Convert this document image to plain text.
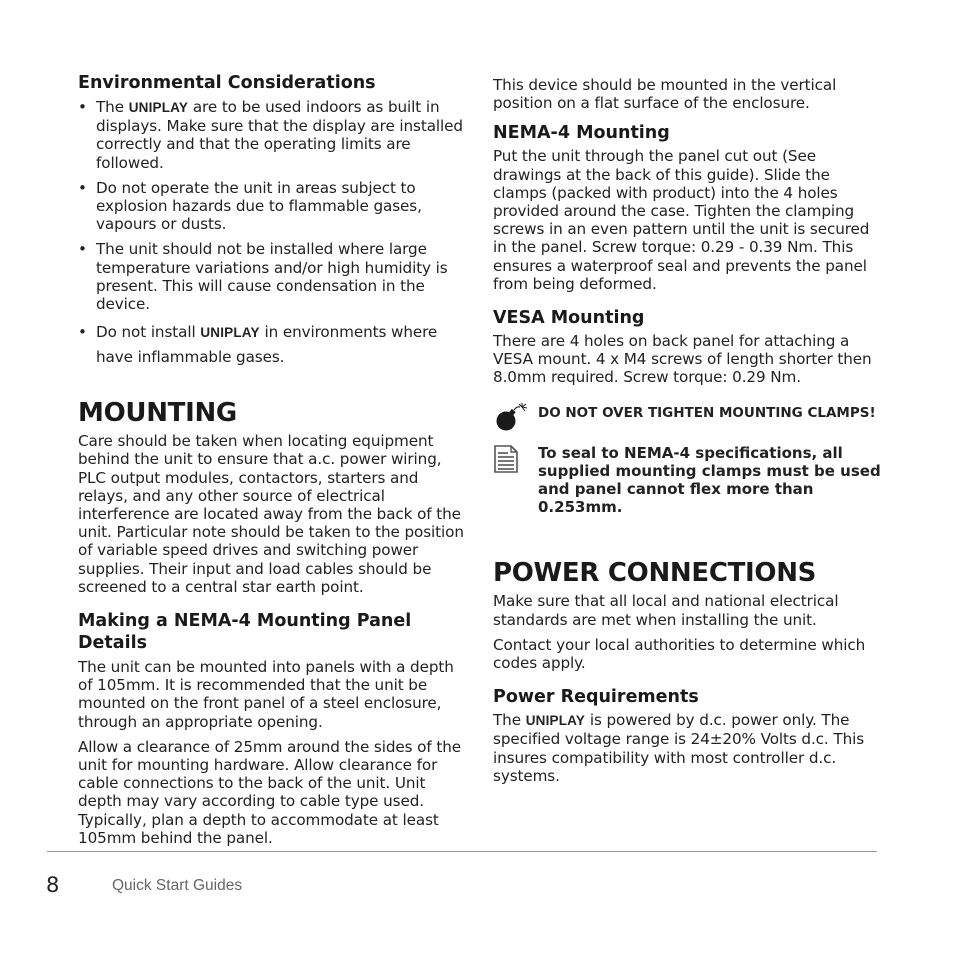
Environmental Considerations
• The UNIPLAY are to be used indoors as built in displays. Make sure that the display are installed correctly and that the operating limits are followed.
• Do not operate the unit in areas subject to explosion hazards due to flammable gases, vapours or dusts.
• The unit should not be installed where large temperature variations and/or high humidity is present. This will cause condensation in the device.
• Do not install UNIPLAY in environments where have inflammable gases.
MOUNTING

Care should be taken when locating equipment behind the unit to ensure that a.c. power wiring, PLC output modules, contactors, starters and relays, and any other source of electrical interference are located away from the back of the unit. Particular note should be taken to the position of variable speed drives and switching power supplies. Their input and load cables should be screened to a central star earth point.

Making a NEMA-4 Mounting Panel Details

The unit can be mounted into panels with a depth of 105mm. It is recommended that the unit be mounted on the front panel of a steel enclosure, through an appropriate opening.

Allow a clearance of 25mm around the sides of the unit for mounting hardware. Allow clearance for cable connections to the back of the unit. Unit depth may vary according to cable type used. Typically, plan a depth to accommodate at least 105mm behind the panel.

This device should be mounted in the vertical position on a flat surface of the enclosure.

NEMA-4 Mounting

Put the unit through the panel cut out (See drawings at the back of this guide). Slide the clamps (packed with product) into the 4 holes provided around the case. Tighten the clamping screws in an even pattern until the unit is secured in the panel. Screw torque: 0.29 - 0.39 Nm. This ensures a waterproof seal and prevents the panel from being deformed.

VESA Mounting

There are 4 holes on back panel for attaching a VESA mount. 4 x M4 screws of length shorter then 8.0mm required. Screw torque: 0.29 Nm.

DO NOT OVER TIGHTEN MOUNTING CLAMPS!
To seal to NEMA-4 specifications, all supplied mounting clamps must be used and panel cannot flex more than 0.253mm.
POWER CONNECTIONS

Make sure that all local and national electrical standards are met when installing the unit.

Contact your local authorities to determine which codes apply.

Power Requirements

The UNIPLAY is powered by d.c. power only. The specified voltage range is 24±20% Volts d.c. This insures compatibility with most controller d.c. systems.

8	Quick Start Guides
